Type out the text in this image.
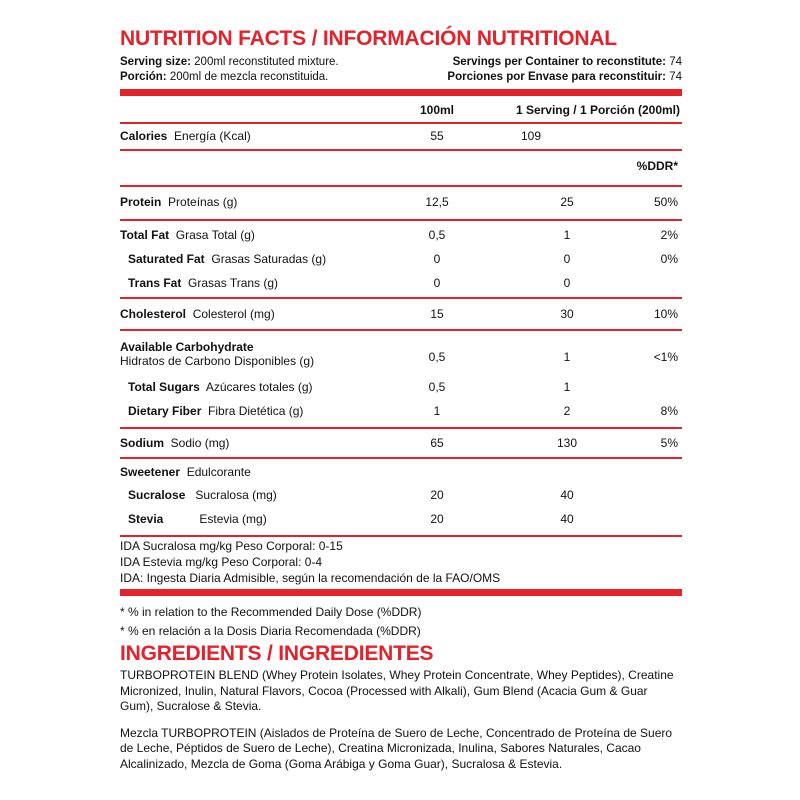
NUTRITION FACTS / INFORMACIÓN NUTRITIONAL
Serving size: 200ml reconstituted mixture.	Servings per Container to reconstitute: 74
Porción: 200ml de mezcla reconstituida.	Porciones por Envase para reconstituir: 74
100ml	1 Serving / 1 Porción (200ml)
Calories Energía (Kcal)	55	109
%DDR*
Protein Proteínas (g)	12,5	25	50%
Total Fat Grasa Total (g)	0,5	1	2%
Saturated Fat Grasas Saturadas (g)	0	0	0%
Trans Fat Grasas Trans (g)	0	0
Cholesterol Colesterol (mg)	15	30	10%
Available Carbohydrate
Hidratos de Carbono Disponibles (g)	0,5	1	<1%
Total Sugars Azúcares totales (g)	0,5	1
Dietary Fiber Fibra Dietética (g)	1	2	8%
Sodium Sodio (mg)	65	130	5%
Sweetener Edulcorante
Sucralose Sucralosa (mg)	20	40
Stevia	Estevia (mg)	20	40
IDA Sucralosa mg/kg Peso Corporal: 0-15
IDA Estevia mg/kg Peso Corporal: 0-4
IDA: Ingesta Diaria Admisible, según la recomendación de la FAO/OMS
* % in relation to the Recommended Daily Dose (%DDR)
* % en relación a la Dosis Diaria Recomendada (%DDR)
INGREDIENTS / INGREDIENTES

TURBOPROTEIN BLEND (Whey Protein Isolates, Whey Protein Concentrate, Whey Peptides), Creatine Micronized, Inulin, Natural Flavors, Cocoa (Processed with Alkali), Gum Blend (Acacia Gum & Guar Gum), Sucralose & Stevia.

Mezcla TURBOPROTEIN (Aislados de Proteína de Suero de Leche, Concentrado de Proteína de Suero de Leche, Péptidos de Suero de Leche), Creatina Micronizada, Inulina, Sabores Naturales, Cacao Alcalinizado, Mezcla de Goma (Goma Arábiga y Goma Guar), Sucralosa & Estevia.
